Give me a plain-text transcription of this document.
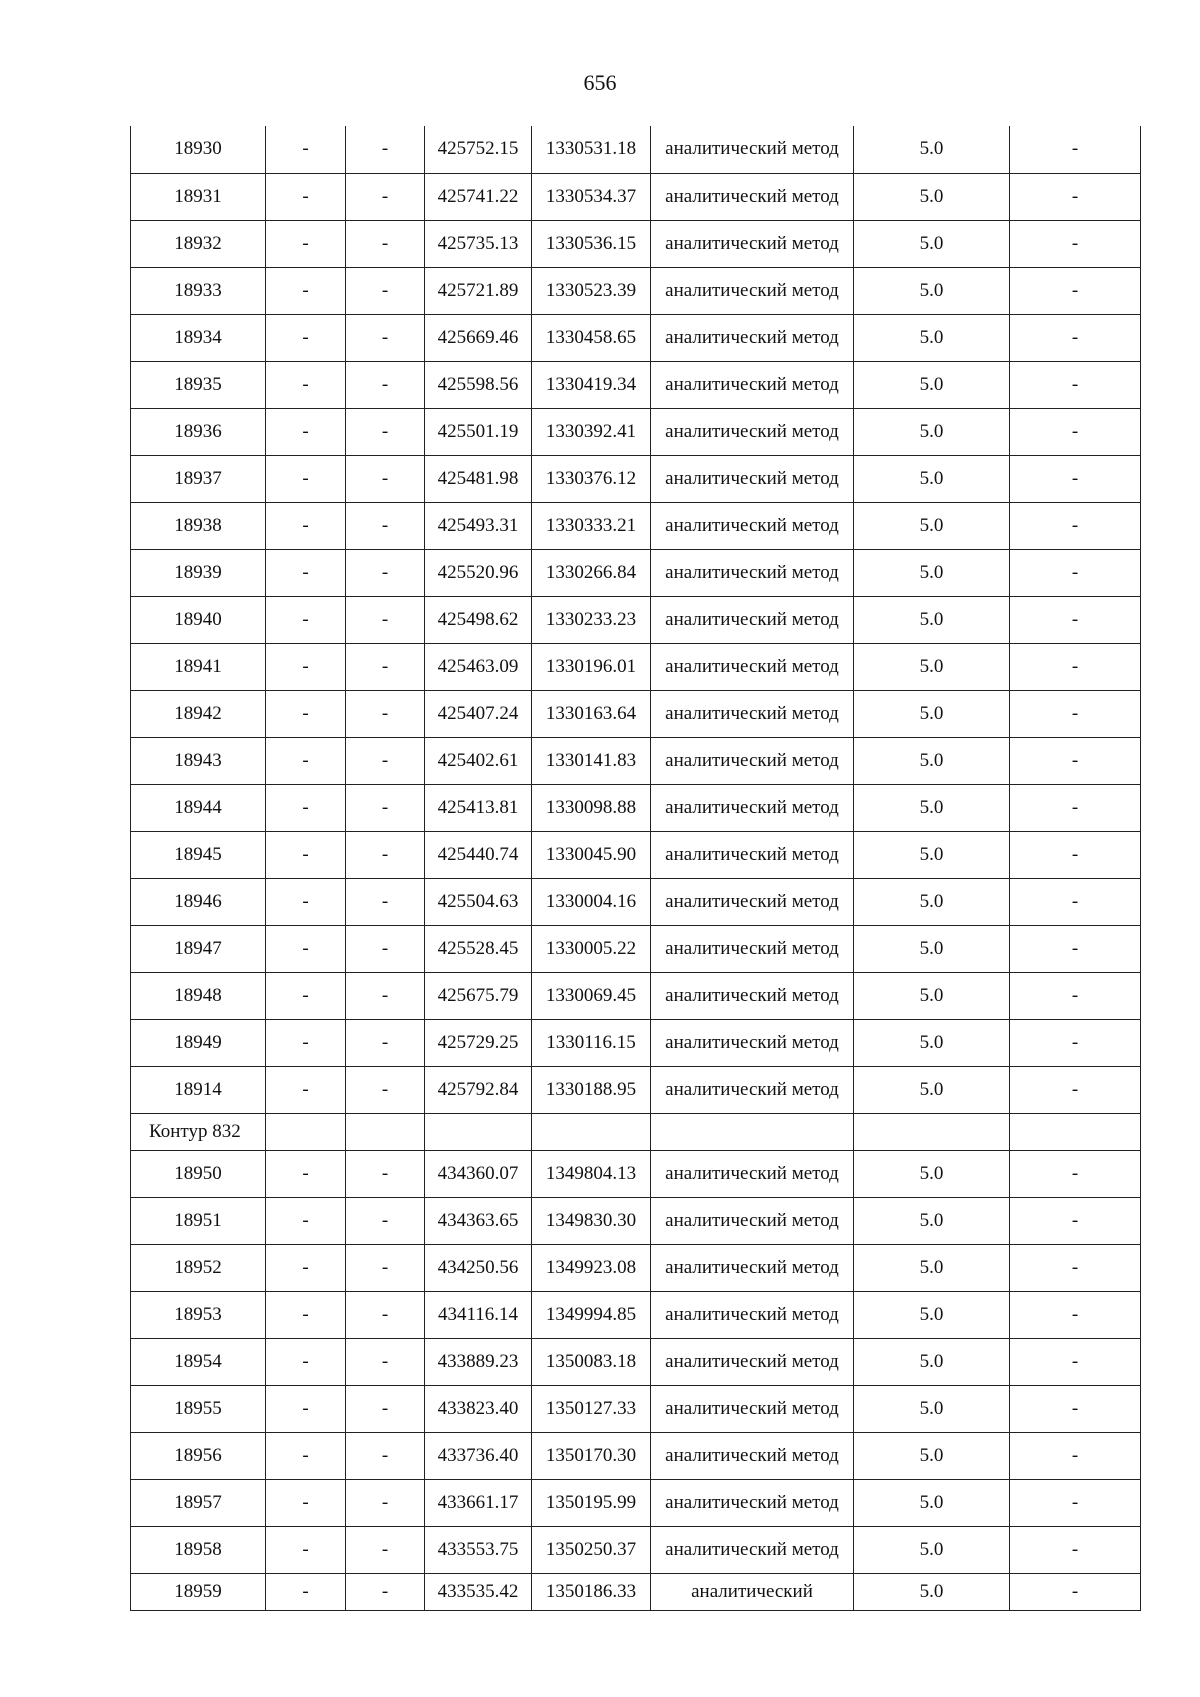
656
18930	-	-	425752.15	1330531.18	аналитический метод	5.0	-
18931	-	-	425741.22	1330534.37	аналитический метод	5.0	-
18932	-	-	425735.13	1330536.15	аналитический метод	5.0	-
18933	-	-	425721.89	1330523.39	аналитический метод	5.0	-
18934	-	-	425669.46	1330458.65	аналитический метод	5.0	-
18935	-	-	425598.56	1330419.34	аналитический метод	5.0	-
18936	-	-	425501.19	1330392.41	аналитический метод	5.0	-
18937	-	-	425481.98	1330376.12	аналитический метод	5.0	-
18938	-	-	425493.31	1330333.21	аналитический метод	5.0	-
18939	-	-	425520.96	1330266.84	аналитический метод	5.0	-
18940	-	-	425498.62	1330233.23	аналитический метод	5.0	-
18941	-	-	425463.09	1330196.01	аналитический метод	5.0	-
18942	-	-	425407.24	1330163.64	аналитический метод	5.0	-
18943	-	-	425402.61	1330141.83	аналитический метод	5.0	-
18944	-	-	425413.81	1330098.88	аналитический метод	5.0	-
18945	-	-	425440.74	1330045.90	аналитический метод	5.0	-
18946	-	-	425504.63	1330004.16	аналитический метод	5.0	-
18947	-	-	425528.45	1330005.22	аналитический метод	5.0	-
18948	-	-	425675.79	1330069.45	аналитический метод	5.0	-
18949	-	-	425729.25	1330116.15	аналитический метод	5.0	-
18914	-	-	425792.84	1330188.95	аналитический метод	5.0	-
Контур 832							
18950	-	-	434360.07	1349804.13	аналитический метод	5.0	-
18951	-	-	434363.65	1349830.30	аналитический метод	5.0	-
18952	-	-	434250.56	1349923.08	аналитический метод	5.0	-
18953	-	-	434116.14	1349994.85	аналитический метод	5.0	-
18954	-	-	433889.23	1350083.18	аналитический метод	5.0	-
18955	-	-	433823.40	1350127.33	аналитический метод	5.0	-
18956	-	-	433736.40	1350170.30	аналитический метод	5.0	-
18957	-	-	433661.17	1350195.99	аналитический метод	5.0	-
18958	-	-	433553.75	1350250.37	аналитический метод	5.0	-
18959	-	-	433535.42	1350186.33	аналитический	5.0	-
